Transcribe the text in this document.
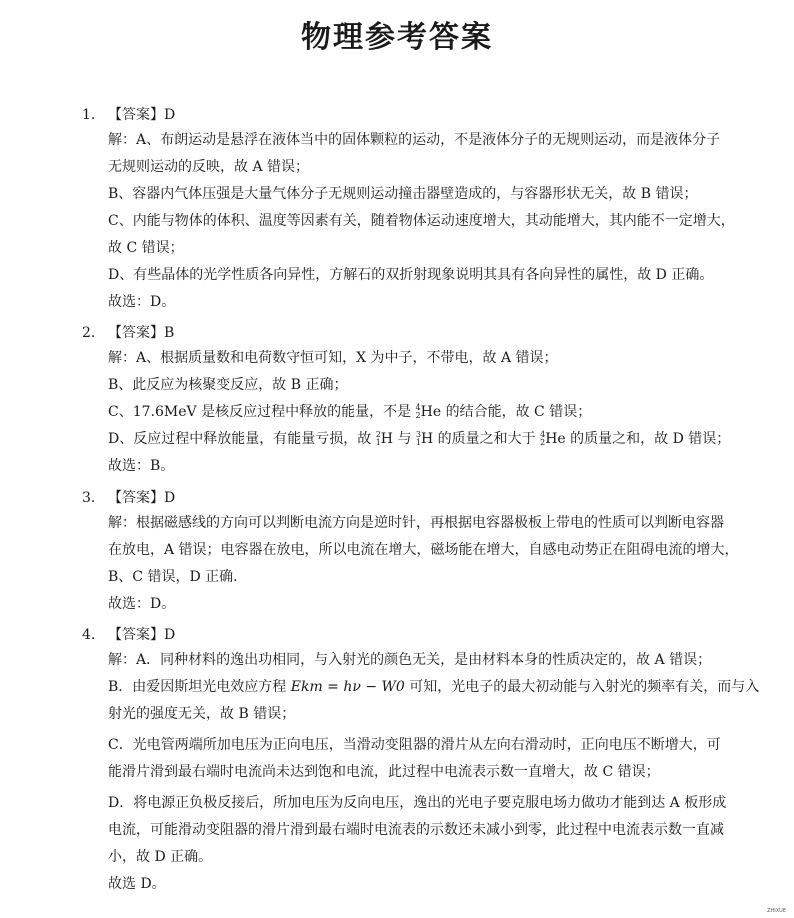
物理参考答案
1. 【答案】D

解：A、布朗运动是悬浮在液体当中的固体颗粒的运动，不是液体分子的无规则运动，而是液体分子

无规则运动的反映，故 A 错误；

B、容器内气体压强是大量气体分子无规则运动撞击器壁造成的，与容器形状无关，故 B 错误；

C、内能与物体的体积、温度等因素有关，随着物体运动速度增大，其动能增大，其内能不一定增大，

故 C 错误；

D、有些晶体的光学性质各向异性，方解石的双折射现象说明其具有各向异性的属性，故 D 正确。

故选：D。

2. 【答案】B

解：A、根据质量数和电荷数守恒可知，X 为中子，不带电，故 A 错误；

B、此反应为核聚变反应，故 B 正确；

C、17.6MeV 是核反应过程中释放的能量，不是 4
2 He 的结合能，故 C 错误；
D、反应过程中释放能量，有能量亏损，故 2
1 H 与 3
1 H 的质量之和大于 4
2 He 的质量之和，故 D 错误；

故选：B。

3. 【答案】D

解：根据磁感线的方向可以判断电流方向是逆时针，再根据电容器极板上带电的性质可以判断电容器

在放电，A 错误；电容器在放电，所以电流在增大，磁场能在增大，自感电动势正在阻碍电流的增大，

B、C 错误，D 正确.

故选：D。

4. 【答案】D

解：A．同种材料的逸出功相同，与入射光的颜色无关，是由材料本身的性质决定的，故 A 错误；

B．由爱因斯坦光电效应方程 Ekm = hν − W0 可知，光电子的最大初动能与入射光的频率有关，而与入

射光的强度无关，故 B 错误；

C．光电管两端所加电压为正向电压，当滑动变阻器的滑片从左向右滑动时，正向电压不断增大，可

能滑片滑到最右端时电流尚未达到饱和电流，此过程中电流表示数一直增大，故 C 错误；

D．将电源正负极反接后，所加电压为反向电压，逸出的光电子要克服电场力做功才能到达 A 板形成

电流，可能滑动变阻器的滑片滑到最右端时电流表的示数还未减小到零，此过程中电流表示数一直减

小，故 D 正确。

故选 D。

ZHIXUE
